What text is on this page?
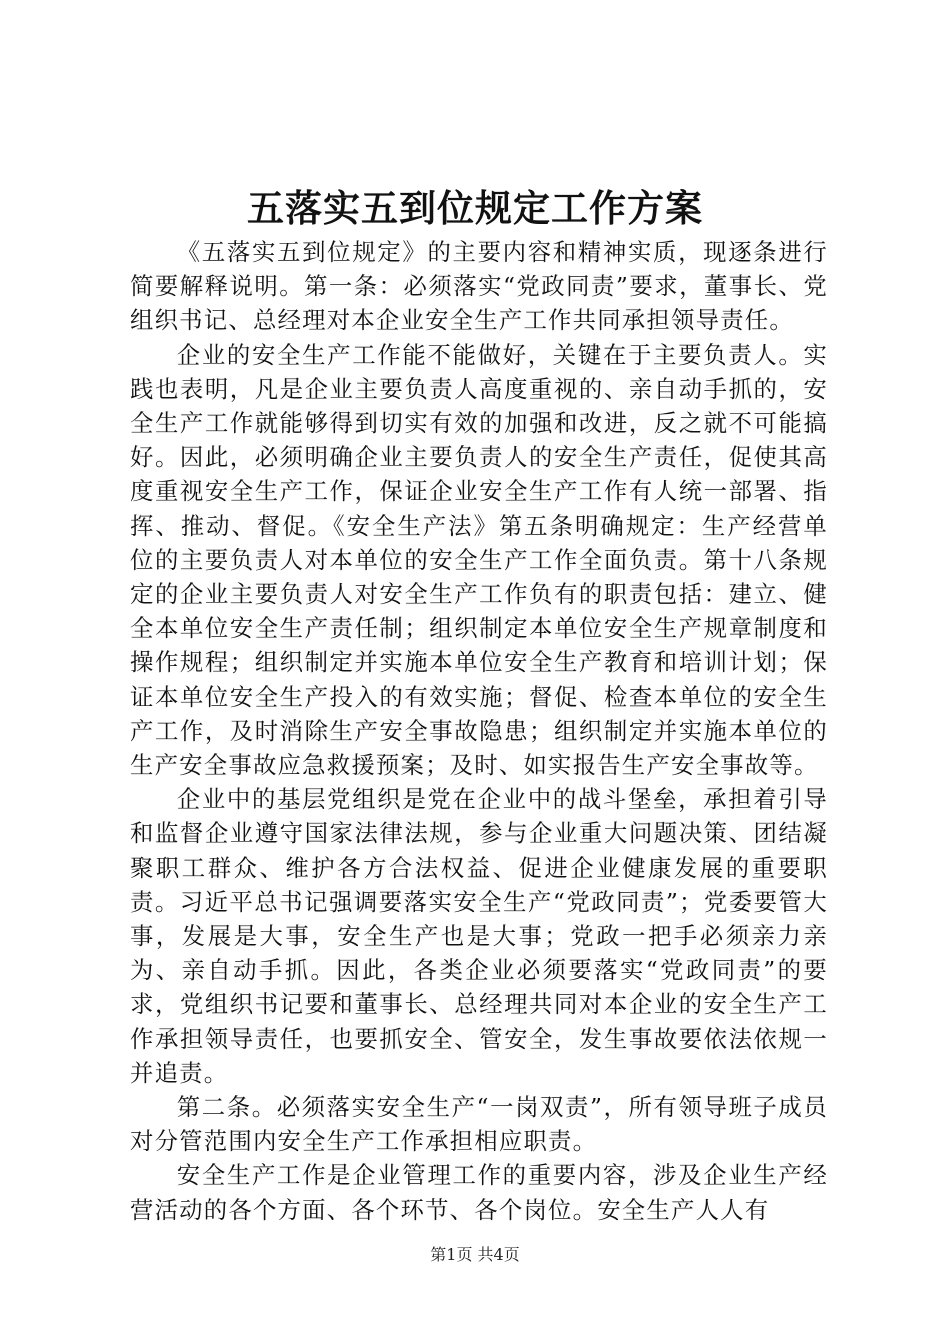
五落实五到位规定工作方案

《五落实五到位规定》的主要内容和精神实质，现逐条进行简要解释说明。第一条：必须落实“党政同责”要求，董事长、党组织书记、总经理对本企业安全生产工作共同承担领导责任。

企业的安全生产工作能不能做好，关键在于主要负责人。实践也表明，凡是企业主要负责人高度重视的、亲自动手抓的，安全生产工作就能够得到切实有效的加强和改进，反之就不可能搞好。因此，必须明确企业主要负责人的安全生产责任，促使其高度重视安全生产工作，保证企业安全生产工作有人统一部署、指挥、推动、督促。《安全生产法》第五条明确规定：生产经营单位的主要负责人对本单位的安全生产工作全面负责。第十八条规定的企业主要负责人对安全生产工作负有的职责包括：建立、健全本单位安全生产责任制；组织制定本单位安全生产规章制度和操作规程；组织制定并实施本单位安全生产教育和培训计划；保证本单位安全生产投入的有效实施；督促、检查本单位的安全生产工作，及时消除生产安全事故隐患；组织制定并实施本单位的生产安全事故应急救援预案；及时、如实报告生产安全事故等。

企业中的基层党组织是党在企业中的战斗堡垒，承担着引导和监督企业遵守国家法律法规，参与企业重大问题决策、团结凝聚职工群众、维护各方合法权益、促进企业健康发展的重要职责。习近平总书记强调要落实安全生产“党政同责”；党委要管大事，发展是大事，安全生产也是大事；党政一把手必须亲力亲为、亲自动手抓。因此，各类企业必须要落实“党政同责”的要求，党组织书记要和董事长、总经理共同对本企业的安全生产工作承担领导责任，也要抓安全、管安全，发生事故要依法依规一并追责。

第二条。必须落实安全生产“一岗双责”，所有领导班子成员对分管范围内安全生产工作承担相应职责。

安全生产工作是企业管理工作的重要内容，涉及企业生产经营活动的各个方面、各个环节、各个岗位。安全生产人人有

第1页 共4页
